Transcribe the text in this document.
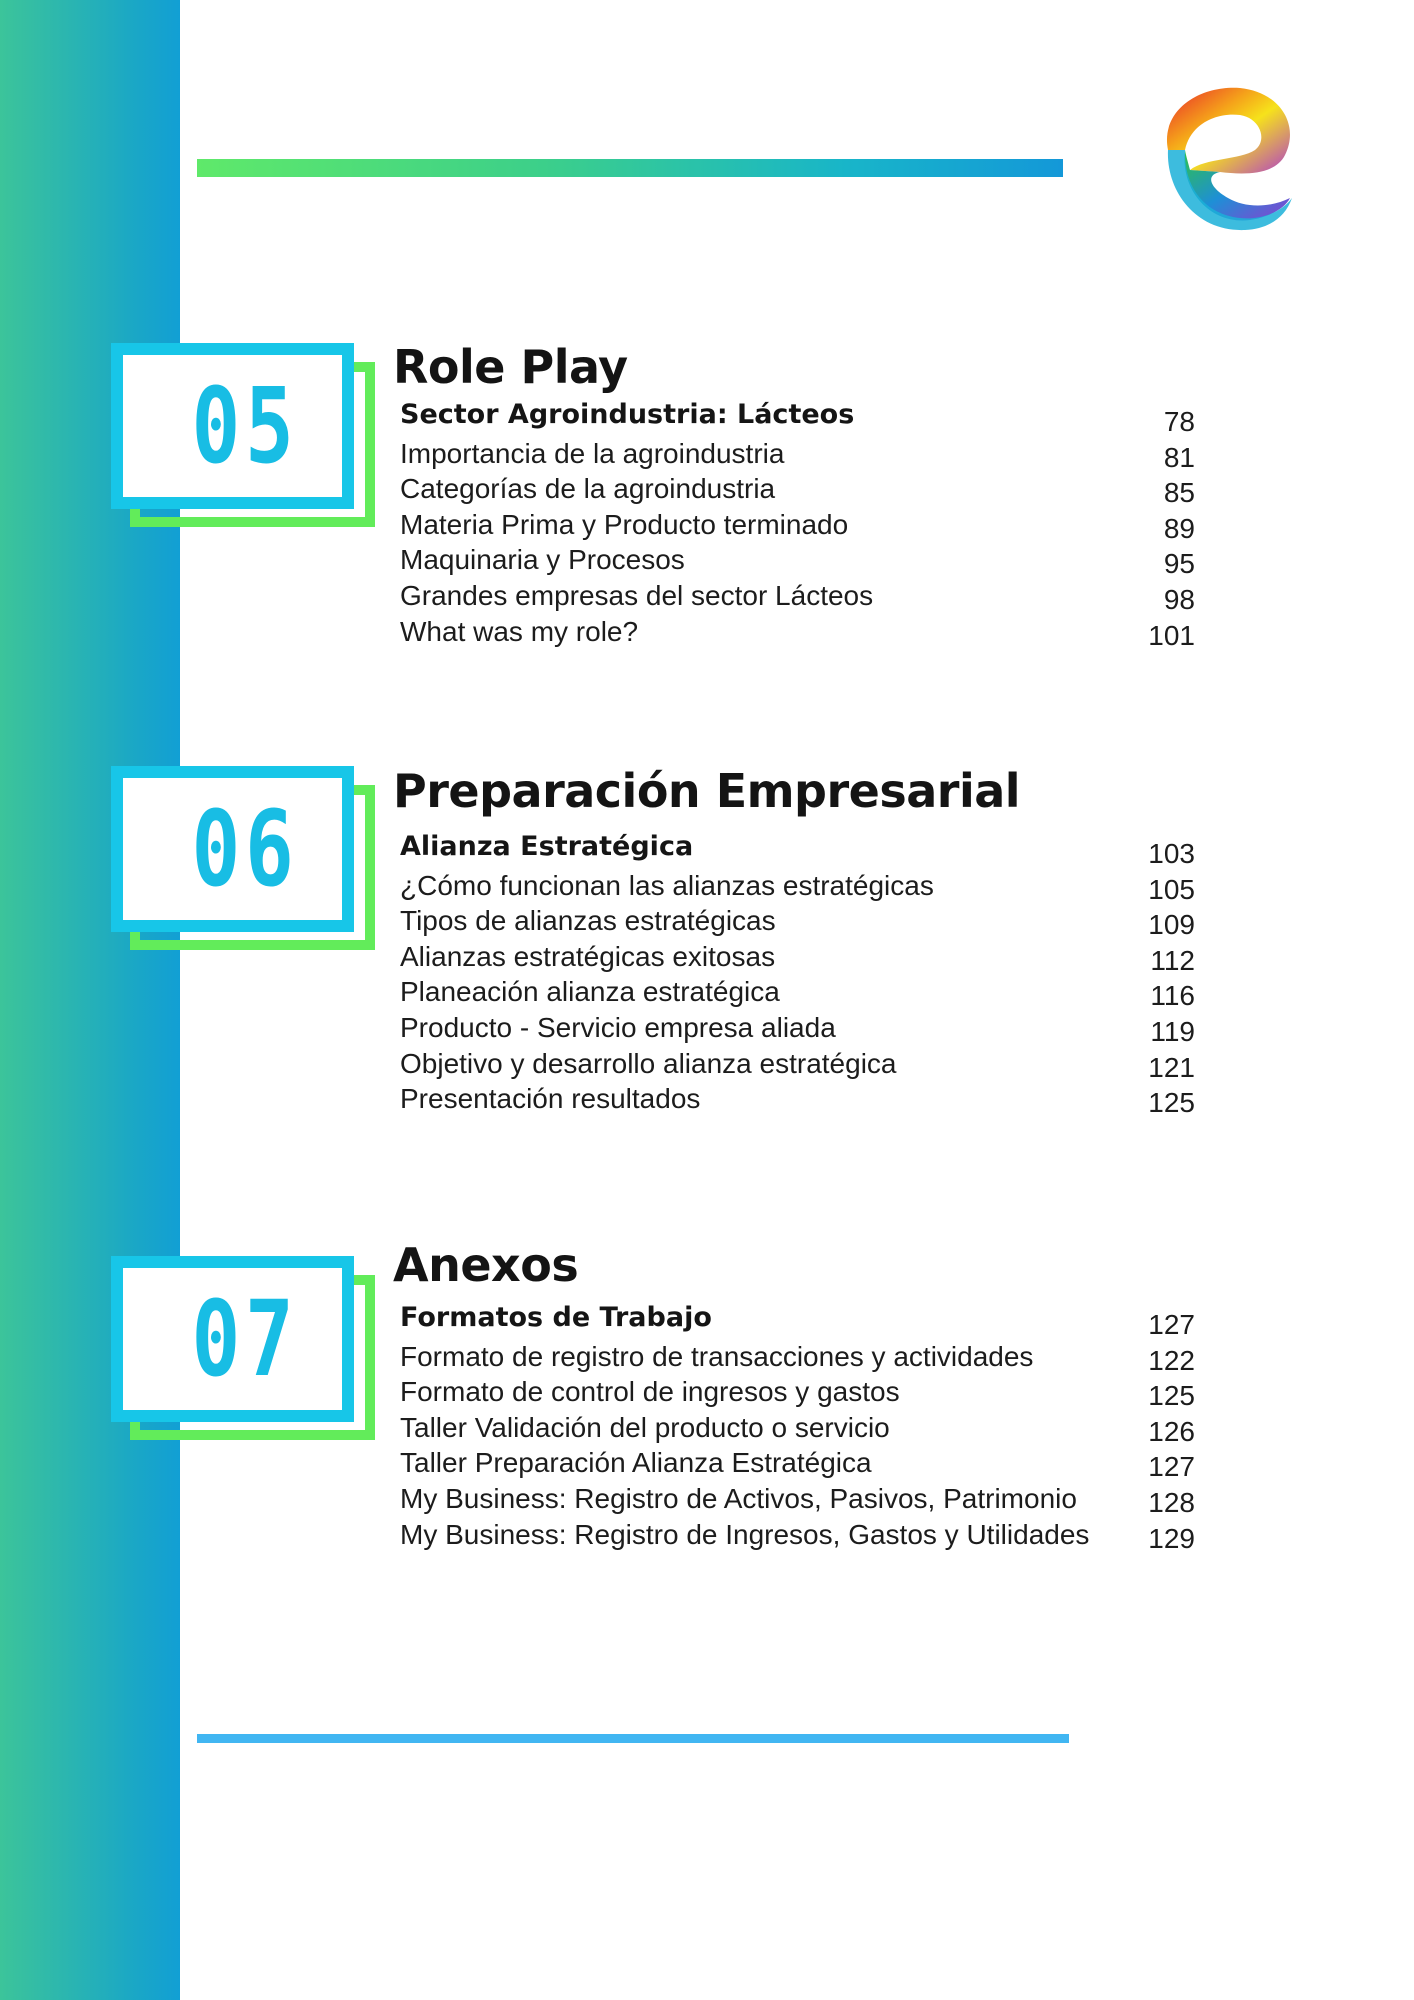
05	Role Play
Sector Agroindustria: Lácteos	78
Importancia de la agroindustria	81
Categorías de la agroindustria	85
Materia Prima y Producto terminado	89
Maquinaria y Procesos	95
Grandes empresas del sector Lácteos	98
What was my role?	101
06	Preparación Empresarial
Alianza Estratégica	103
¿Cómo funcionan las alianzas estratégicas	105
Tipos de alianzas estratégicas	109
Alianzas estratégicas exitosas	112
Planeación alianza estratégica	116
Producto - Servicio empresa aliada	119
Objetivo y desarrollo alianza estratégica	121
Presentación resultados	125
07
Anexos
Formatos de Trabajo	127
Formato de registro de transacciones y actividades	122
Formato de control de ingresos y gastos	125
Taller Validación del producto o servicio	126
Taller Preparación Alianza Estratégica	127
My Business: Registro de Activos, Pasivos, Patrimonio	128
My Business: Registro de Ingresos, Gastos y Utilidades 129
